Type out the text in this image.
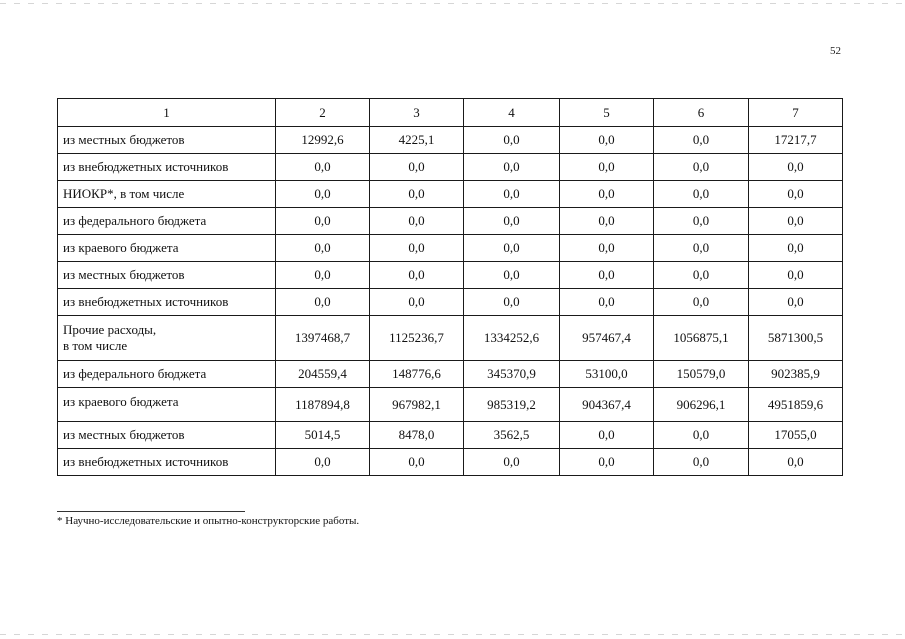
52
1	2	3	4	5	6	7
из местных бюджетов	12992,6	4225,1	0,0	0,0	0,0	17217,7
из внебюджетных источников	0,0	0,0	0,0	0,0	0,0	0,0
НИОКР*, в том числе	0,0	0,0	0,0	0,0	0,0	0,0
из федерального бюджета	0,0	0,0	0,0	0,0	0,0	0,0
из краевого бюджета	0,0	0,0	0,0	0,0	0,0	0,0
из местных бюджетов	0,0	0,0	0,0	0,0	0,0	0,0
из внебюджетных источников	0,0	0,0	0,0	0,0	0,0	0,0
Прочие расходы,
в том числе	1397468,7	1125236,7	1334252,6	957467,4	1056875,1	5871300,5
из федерального бюджета	204559,4	148776,6	345370,9	53100,0	150579,0	902385,9
из краевого бюджета	1187894,8	967982,1	985319,2	904367,4	906296,1	4951859,6
из местных бюджетов	5014,5	8478,0	3562,5	0,0	0,0	17055,0
из внебюджетных источников	0,0	0,0	0,0	0,0	0,0	0,0
* Научно-исследовательские и опытно-конструкторские работы.
